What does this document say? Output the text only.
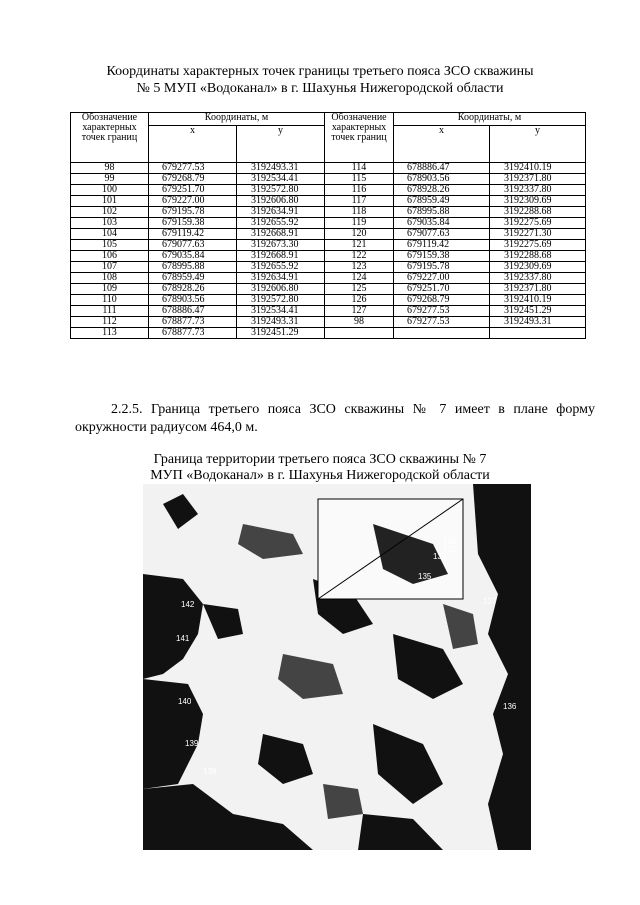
Координаты характерных точек границы третьего пояса ЗСО скважины
№ 5 МУП «Водоканал» в г. Шахунья Нижегородской области
Обозначение характерных точек границ	Координаты, м		Обозначение характерных точек границ	Координаты, м	
	x	y		x	y
98	679277.53	3192493.31	114	678886.47	3192410.19
99	679268.79	3192534.41	115	678903.56	3192371.80
100	679251.70	3192572.80	116	678928.26	3192337.80
101	679227.00	3192606.80	117	678959.49	3192309.69
102	679195.78	3192634.91	118	678995.88	3192288.68
103	679159.38	3192655.92	119	679035.84	3192275.69
104	679119.42	3192668.91	120	679077.63	3192271.30
105	679077.63	3192673.30	121	679119.42	3192275.69
106	679035.84	3192668.91	122	679159.38	3192288.68
107	678995.88	3192655.92	123	679195.78	3192309.69
108	678959.49	3192634.91	124	679227.00	3192337.80
109	678928.26	3192606.80	125	679251.70	3192371.80
110	678903.56	3192572.80	126	679268.79	3192410.19
111	678886.47	3192534.41	127	679277.53	3192451.29
112	678877.73	3192493.31	98	679277.53	3192493.31
113	678877.73	3192451.29			
2.2.5. Граница третьего пояса ЗСО скважины № 7 имеет в плане форму окружности радиусом 464,0 м.
Граница территории третьего пояса ЗСО скважины № 7
МУП «Водоканал» в г. Шахунья Нижегородской области
142
141
140
139
138
137
136
135
134
133
131
